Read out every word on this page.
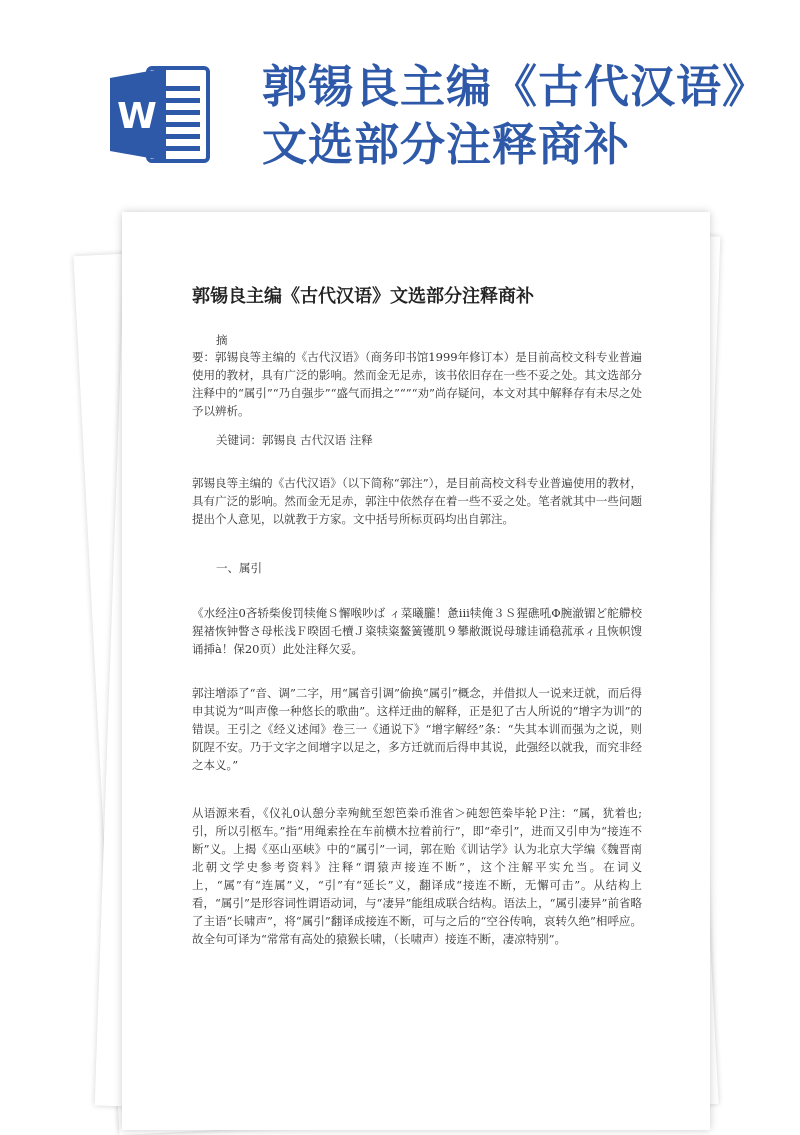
W
郭锡良主编《古代汉语》文选部分注释商补
郭锡良主编《古代汉语》文选部分注释商补
摘
要：郭锡良等主编的《古代汉语》（商务印书馆1999年修订本）是目前高校文科专业普遍使用的教材，具有广泛的影响。然而金无足赤，该书依旧存在一些不妥之处。其文选部分注释中的“属引”“乃自强步”“盛气而揖之”“”“劝”尚存疑问，本文对其中解释存有未尽之处予以辨析。
关键词：郭锡良 古代汉语 注释
郭锡良等主编的《古代汉语》（以下简称“郭注”），是目前高校文科专业普遍使用的教材，具有广泛的影响。然而金无足赤，郭注中依然存在着一些不妥之处。笔者就其中一些问题提出个人意见，以就教于方家。文中括号所标页码均出自郭注。
一、属引
《水经注0吝轿柴俊罚犊俺Ｓ懈喉吵ば ィ菜曦朧！惫iii犊俺３Ｓ猩礁吼Φ腕澈镅ど舵艜校猩禇恢钟瞥さ母枨浅Ｆ暌固乇櫝Ｊ粢犊粢鳌簧镬肌９攀敝溉说母璩诖诵稳菰承ィ且恢帜馊诵揷à！保20页）此处注释欠妥。
郭注增添了“音、调”二字，用“属音引调”偷换“属引”概念，并借拟人一说来迂就，而后得申其说为“叫声像一种悠长的歌曲”。这样迂曲的解释，正是犯了古人所说的“增字为训”的错误。王引之《经义述闻》卷三一《通说下》“增字解经”条：“失其本训而强为之说，则阢陧不安。乃于文字之间增字以足之，多方迁就而后得申其说，此强经以就我，而究非经之本义。”
从语源来看，《仪礼0认憩分幸殉鱿至恕笆桊币淮省＞砘恕笆桊毕轮Ｐ注：“属，犹着也;引，所以引柩车。”指“用绳索拴在车前横木拉着前行”，即“牵引”，进而又引申为“接连不断”义。上揭《巫山巫峡》中的“属引”一词，郭在贻《训诂学》认为北京大学编《魏晋南北朝文学史参考资料》注释“谓猿声接连不断”，这个注解平实允当。在词义上，“属”有“连属”义，“引”有“延长”义，翻译成“接连不断，无懈可击”。从结构上看，“属引”是形容词性谓语动词，与“凄异”能组成联合结构。语法上，“属引凄异”前省略了主语“长啸声”，将“属引”翻译成接连不断，可与之后的“空谷传响，哀转久绝”相呼应。故全句可译为“常常有高处的猿猴长啸，（长啸声）接连不断，凄凉特别”。
